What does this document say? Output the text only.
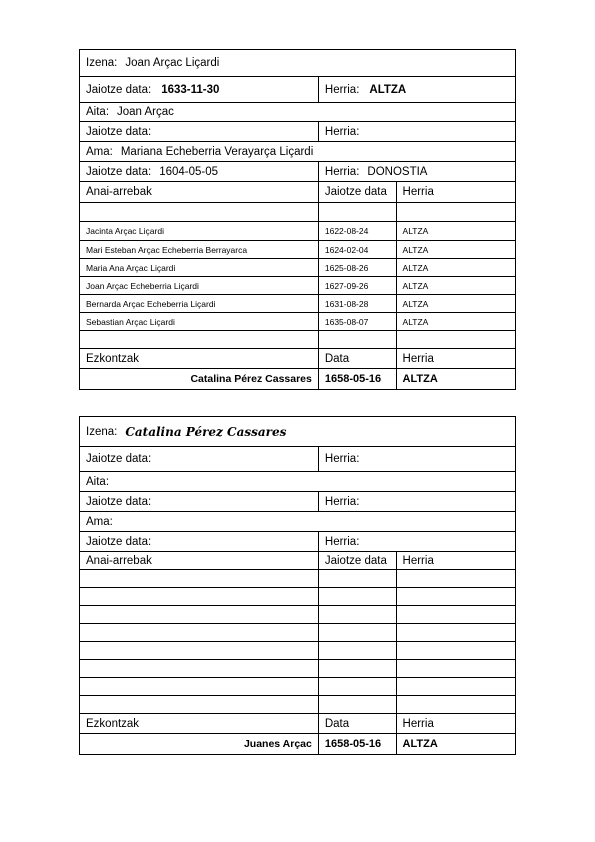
Izena: Joan Arçac Liçardi
Jaiotze data: 1633-11-30	Herria: ALTZA
Aita: Joan Arçac
Jaiotze data:	Herria:
Ama: Mariana Echeberria Verayarça Liçardi
Jaiotze data: 1604-05-05	Herria: DONOSTIA
Anai-arrebak	Jaiotze data	Herria
Jacinta Arçac Liçardi	1622-08-24	ALTZA
Mari Esteban Arçac Echeberria Berrayarca	1624-02-04	ALTZA
Maria Ana Arçac Liçardi	1625-08-26	ALTZA
Joan Arçac Echeberria Liçardi	1627-09-26	ALTZA
Bernarda Arçac Echeberria Liçardi	1631-08-28	ALTZA
Sebastian Arçac Liçardi	1635-08-07	ALTZA
Ezkontzak	Data	Herria
Catalina Pérez Cassares	1658-05-16	ALTZA
Izena: Catalina Pérez Cassares
Jaiotze data:	Herria:
Aita:
Jaiotze data:	Herria:
Ama:
Jaiotze data:	Herria:
Anai-arrebak	Jaiotze data	Herria
Ezkontzak	Data	Herria
Juanes Arçac	1658-05-16	ALTZA
